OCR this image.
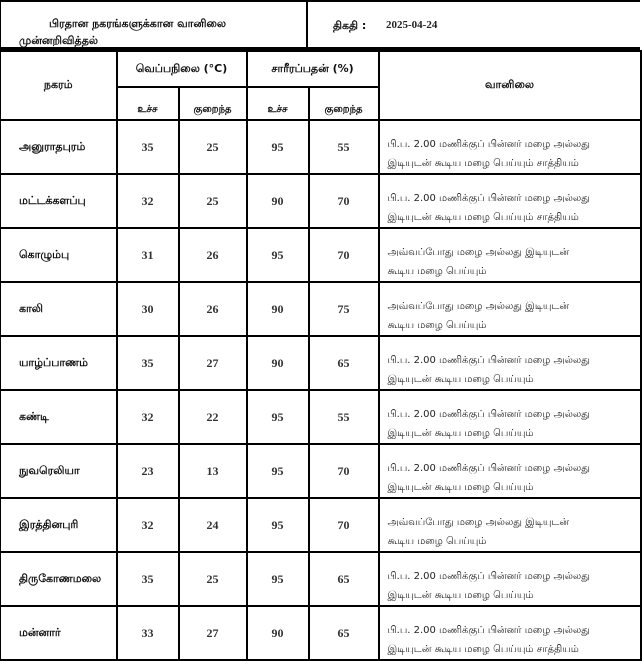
பிரதான நகரங்களுக்கான வானிலை
முன்னறிவித்தல்
திகதி : 2025-04-24
நகரம்	வெப்பநிலை (°C)		சாரீரப்பதன் (%)		வானிலை
	உச்ச	குறைந்த	உச்ச	குறைந்த	
அனுராதபுரம்	35	25	95	55	பி.ப. 2.00 மணிக்குப் பின்னர் மழை அல்லது
இடியுடன் கூடிய மழை பெய்யும் சாத்தியம்

மட்டக்களப்பு	32	25	90	70	பி.ப. 2.00 மணிக்குப் பின்னர் மழை அல்லது
இடியுடன் கூடிய மழை பெய்யும் சாத்தியம்

கொழும்பு	31	26	95	70	அவ்வப்போது மழை அல்லது இடியுடன்
கூடிய மழை பெய்யும்

காலி	30	26	90	75	அவ்வப்போது மழை அல்லது இடியுடன்
கூடிய மழை பெய்யும்

யாழ்ப்பாணம்	35	27	90	65	பி.ப. 2.00 மணிக்குப் பின்னர் மழை அல்லது
இடியுடன் கூடிய மழை பெய்யும்

கண்டி	32	22	95	55	பி.ப. 2.00 மணிக்குப் பின்னர் மழை அல்லது
இடியுடன் கூடிய மழை பெய்யும்

நுவரெலியா	23	13	95	70	பி.ப. 2.00 மணிக்குப் பின்னர் மழை அல்லது
இடியுடன் கூடிய மழை பெய்யும்

இரத்தினபுரி	32	24	95	70	அவ்வப்போது மழை அல்லது இடியுடன்
கூடிய மழை பெய்யும்

திருகோணமலை	35	25	95	65	பி.ப. 2.00 மணிக்குப் பின்னர் மழை அல்லது
இடியுடன் கூடிய மழை பெய்யும்

மன்னார்	33	27	90	65	பி.ப. 2.00 மணிக்குப் பின்னர் மழை அல்லது
இடியுடன் கூடிய மழை பெய்யும் சாத்தியம்
